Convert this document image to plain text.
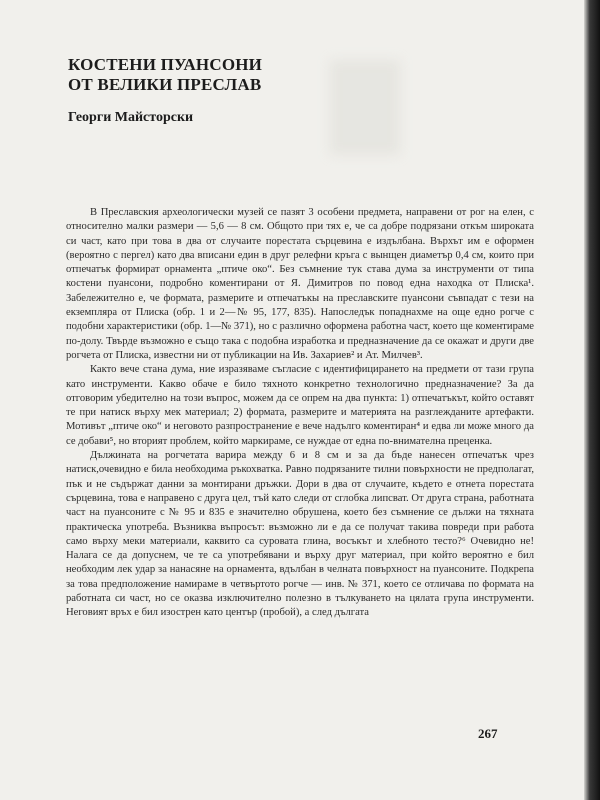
КОСТЕНИ ПУАНСОНИ
ОТ ВЕЛИКИ ПРЕСЛАВ
Георги Майсторски

В Преславския археологически музей се пазят 3 особени предмета, направени от рог на елен, с относително малки размери — 5,6 — 8 см. Общото при тях е, че са добре подрязани откъм широката си част, като при това в два от случаите порестата сърцевина е издълбана. Върхът им е оформен (вероятно с пергел) като два вписани един в друг релефни кръга с вынщен диаметър 0,4 см, които при отпечатък формират орнамента „птиче око“. Без съмнение тук става дума за инструменти от типа костени пуансони, подробно коментирани от Я. Димитров по повод една находка от Плиска¹. Забележително е, че формата, размерите и отпечатъкы на преславските пуансони съвпадат с тези на екземпляра от Плиска (обр. 1 и 2—№ 95, 177, 835). Напоследък попаднахме на още едно рогче с подобни характеристики (обр. 1—№ 371), но с различно оформена работна част, което ще коментираме по-долу. Твърде възможно е също така с подобна изработка и предназначение да се окажат и други две рогчета от Плиска, известни ни от публикации на Ив. Захариев² и Ат. Милчев³.

Както вече стана дума, ние изразяваме съгласие с идентифицирането на предмети от тази група като инструменти. Какво обаче е било тяхното конкретно технологично предназначение? За да отговорим убедително на този въпрос, можем да се опрем на два пункта: 1) отпечатъкът, който оставят те при натиск върху мек материал; 2) формата, размерите и материята на разглежданите артефакти. Мотивът „птиче око“ и неговото разпространение е вече надълго коментиран⁴ и едва ли може много да се добави⁵, но вторият проблем, който маркираме, се нуждае от една по-внимателна преценка.

Дължината на рогчетата варира между 6 и 8 см и за да бъде нанесен отпечатък чрез натиск,очевидно е била необходима ръкохватка. Равно подрязаните тилни повърхности не предполагат, пък и не съдържат данни за монтирани дръжки. Дори в два от случаите, където е отнета порестата сърцевина, това е направено с друга цел, тъй като следи от сглобка липсват. От друга страна, работната част на пуансоните с № 95 и 835 е значително обрушена, което без съмнение се дължи на тяхната практическа употреба. Възниква въпросът: възможно ли е да се получат такива повреди при работа само върху меки материали, каквито са суровата глина, восъкът и хлебното тесто?⁶ Очевидно не! Налага се да допуснем, че те са употребявани и върху друг материал, при който вероятно е бил необходим лек удар за нанасяне на орнамента, вдълбан в челната повърхност на пуансоните. Подкрепа за това предположение намираме в четвъртото рогче — инв. № 371, което се отличава по формата на работната си част, но се оказва изключително полезно в тълкуването на цялата група инструменти. Неговият връх е бил изострен като център (пробой), а след дългата

267
